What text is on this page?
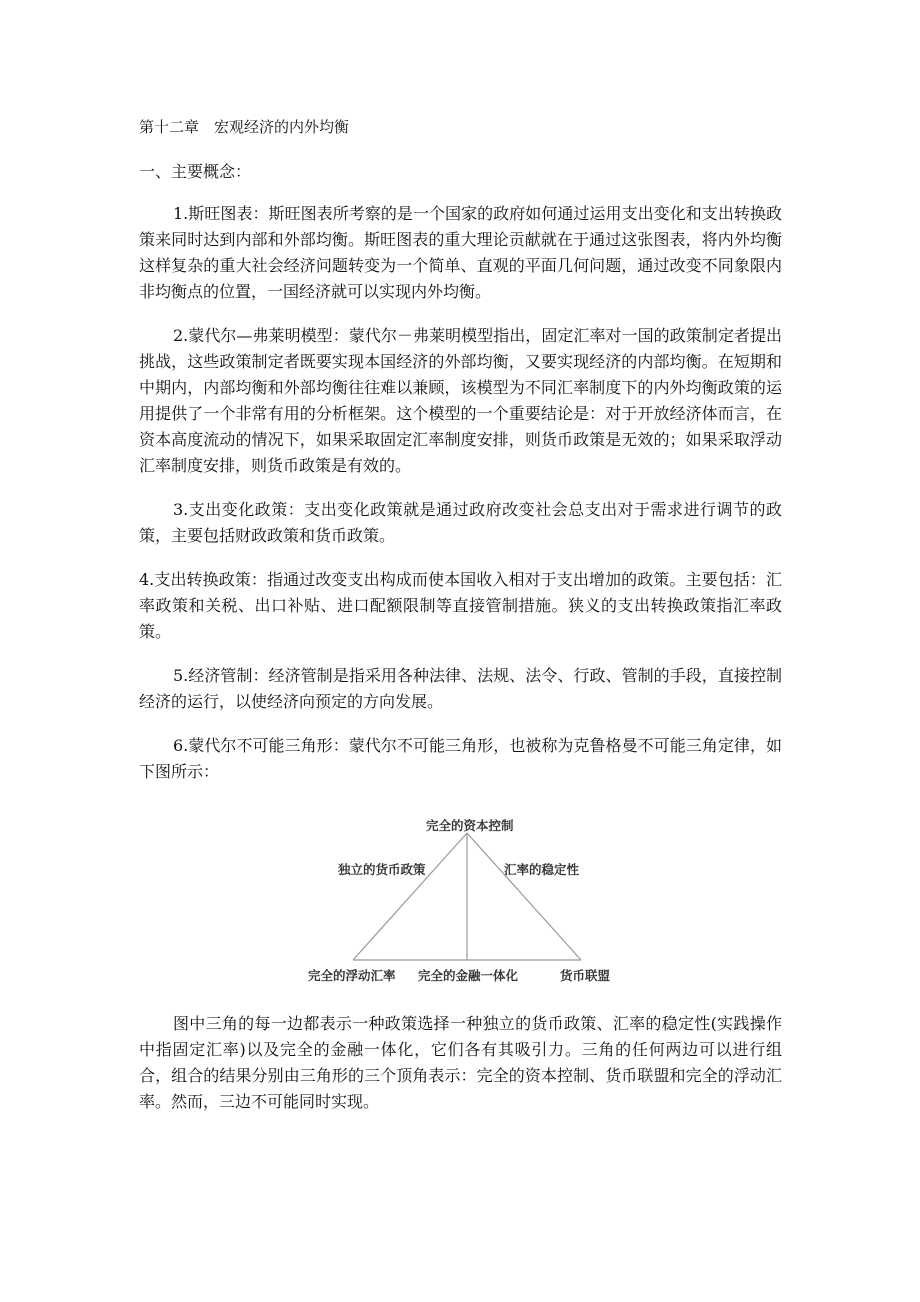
第十二章　宏观经济的内外均衡
一、主要概念：

1.斯旺图表：斯旺图表所考察的是一个国家的政府如何通过运用支出变化和支出转换政策来同时达到内部和外部均衡。斯旺图表的重大理论贡献就在于通过这张图表，将内外均衡这样复杂的重大社会经济问题转变为一个简单、直观的平面几何问题，通过改变不同象限内非均衡点的位置，一国经济就可以实现内外均衡。

2.蒙代尔—弗莱明模型：蒙代尔－弗莱明模型指出，固定汇率对一国的政策制定者提出挑战，这些政策制定者既要实现本国经济的外部均衡，又要实现经济的内部均衡。在短期和中期内，内部均衡和外部均衡往往难以兼顾，该模型为不同汇率制度下的内外均衡政策的运用提供了一个非常有用的分析框架。这个模型的一个重要结论是：对于开放经济体而言，在资本高度流动的情况下，如果采取固定汇率制度安排，则货币政策是无效的；如果采取浮动汇率制度安排，则货币政策是有效的。

3.支出变化政策：支出变化政策就是通过政府改变社会总支出对于需求进行调节的政策，主要包括财政政策和货币政策。

4.支出转换政策：指通过改变支出构成而使本国收入相对于支出增加的政策。主要包括：汇率政策和关税、出口补贴、进口配额限制等直接管制措施。狭义的支出转换政策指汇率政策。

5.经济管制：经济管制是指采用各种法律、法规、法令、行政、管制的手段，直接控制经济的运行，以使经济向预定的方向发展。

6.蒙代尔不可能三角形：蒙代尔不可能三角形，也被称为克鲁格曼不可能三角定律，如下图所示：

完全的资本控制
独立的货币政策	汇率的稳定性
完全的浮动汇率 完全的金融一体化	货币联盟

图中三角的每一边都表示一种政策选择一种独立的货币政策、汇率的稳定性(实践操作中指固定汇率)以及完全的金融一体化，它们各有其吸引力。三角的任何两边可以进行组合，组合的结果分别由三角形的三个顶角表示：完全的资本控制、货币联盟和完全的浮动汇率。然而，三边不可能同时实现。
